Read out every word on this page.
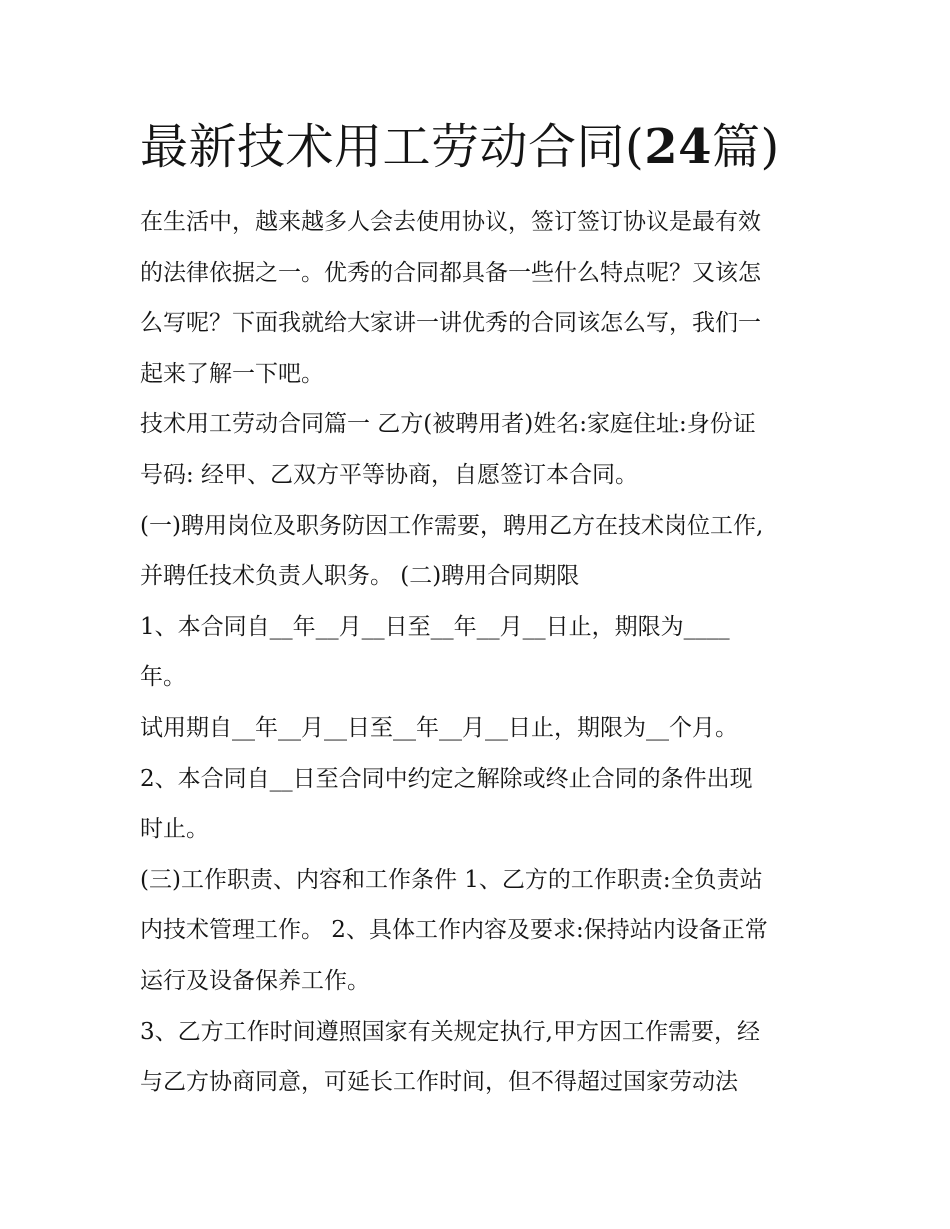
最新技术用工劳动合同(24篇)

在生活中，越来越多人会去使用协议，签订签订协议是最有效
的法律依据之一。优秀的合同都具备一些什么特点呢？又该怎
么写呢？下面我就给大家讲一讲优秀的合同该怎么写，我们一
起来了解一下吧。

技术用工劳动合同篇一 乙方(被聘用者)姓名:家庭住址:身份证
号码: 经甲、乙双方平等协商，自愿签订本合同。

(一)聘用岗位及职务防因工作需要，聘用乙方在技术岗位工作,
并聘任技术负责人职务。 (二)聘用合同期限

1、本合同自__年__月__日至__年__月__日止，期限为____
年。

试用期自__年__月__日至__年__月__日止，期限为__个月。

2、本合同自__日至合同中约定之解除或终止合同的条件出现
时止。

(三)工作职责、内容和工作条件 1、乙方的工作职责:全负责站
内技术管理工作。 2、具体工作内容及要求:保持站内设备正常
运行及设备保养工作。

3、乙方工作时间遵照国家有关规定执行,甲方因工作需要，经
与乙方协商同意，可延长工作时间，但不得超过国家劳动法
